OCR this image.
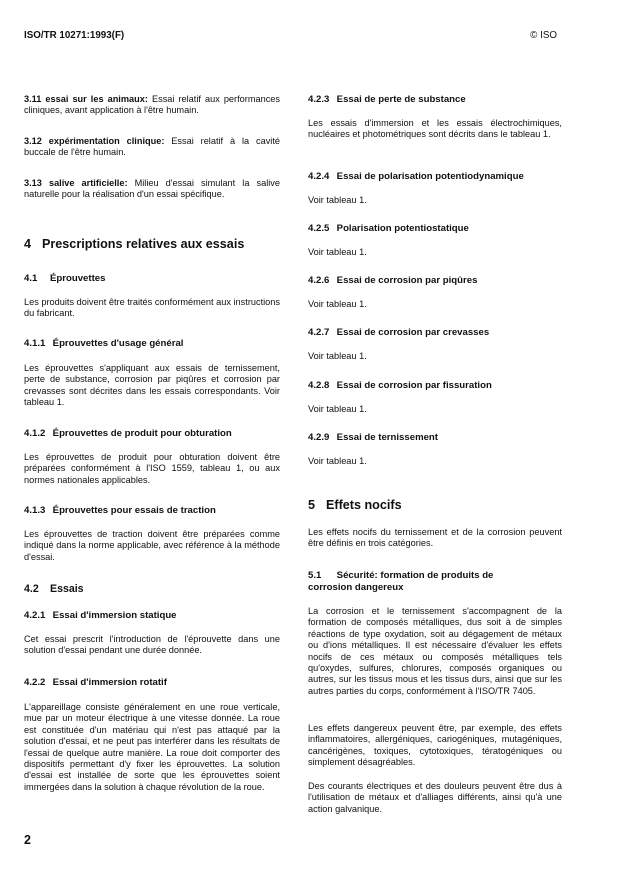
ISO/TR 10271:1993(F)	© ISO

3.11 essai sur les animaux: Essai relatif aux performances cliniques, avant application à l'être humain.

3.12 expérimentation clinique: Essai relatif à la cavité buccale de l'être humain.

3.13 salive artificielle: Milieu d'essai simulant la salive naturelle pour la réalisation d'un essai spécifique.

4 Prescriptions relatives aux essais
4.1 Éprouvettes

Les produits doivent être traités conformément aux instructions du fabricant.

4.1.1 Éprouvettes d'usage général

Les éprouvettes s'appliquant aux essais de ternissement, perte de substance, corrosion par piqûres et corrosion par crevasses sont décrites dans les essais correspondants. Voir tableau 1.

4.1.2 Éprouvettes de produit pour obturation

Les éprouvettes de produit pour obturation doivent être préparées conformément à l'ISO 1559, tableau 1, ou aux normes nationales applicables.

4.1.3 Éprouvettes pour essais de traction

Les éprouvettes de traction doivent être préparées comme indiqué dans la norme applicable, avec référence à la méthode d'essai.

4.2 Essais
4.2.1 Essai d'immersion statique

Cet essai prescrit l'introduction de l'éprouvette dans une solution d'essai pendant une durée donnée.

4.2.2 Essai d'immersion rotatif

L'appareillage consiste généralement en une roue verticale, mue par un moteur électrique à une vitesse donnée. La roue est constituée d'un matériau qui n'est pas attaqué par la solution d'essai, et ne peut pas interférer dans les résultats de l'essai de quelque autre manière. La roue doit comporter des dispositifs permettant d'y fixer les éprouvettes. La solution d'essai est installée de sorte que les éprouvettes soient immergées dans la solution à chaque révolution de la roue.

4.2.3 Essai de perte de substance

Les essais d'immersion et les essais électrochimiques, nucléaires et photométriques sont décrits dans le tableau 1.

4.2.4 Essai de polarisation potentiodynamique

Voir tableau 1.

4.2.5 Polarisation potentiostatique

Voir tableau 1.

4.2.6 Essai de corrosion par piqûres

Voir tableau 1.

4.2.7 Essai de corrosion par crevasses

Voir tableau 1.

4.2.8 Essai de corrosion par fissuration

Voir tableau 1.

4.2.9 Essai de ternissement

Voir tableau 1.

5 Effets nocifs

Les effets nocifs du ternissement et de la corrosion peuvent être définis en trois catégories.

5.1 Sécurité: formation de produits de
corrosion dangereux

La corrosion et le ternissement s'accompagnent de la formation de composés métalliques, dus soit à de simples réactions de type oxydation, soit au dégagement de métaux ou d'ions métalliques. Il est nécessaire d'évaluer les effets nocifs de ces métaux ou composés métalliques tels qu'oxydes, sulfures, chlorures, composés organiques ou autres, sur les tissus mous et les tissus durs, ainsi que sur les autres parties du corps, conformément à l'ISO/TR 7405.

Les effets dangereux peuvent être, par exemple, des effets inflammatoires, allergéniques, cariogéniques, mutagéniques, cancérigènes, toxiques, cytotoxiques, tératogéniques ou simplement désagréables.

Des courants électriques et des douleurs peuvent être dus à l'utilisation de métaux et d'alliages différents, ainsi qu'à une action galvanique.

2
